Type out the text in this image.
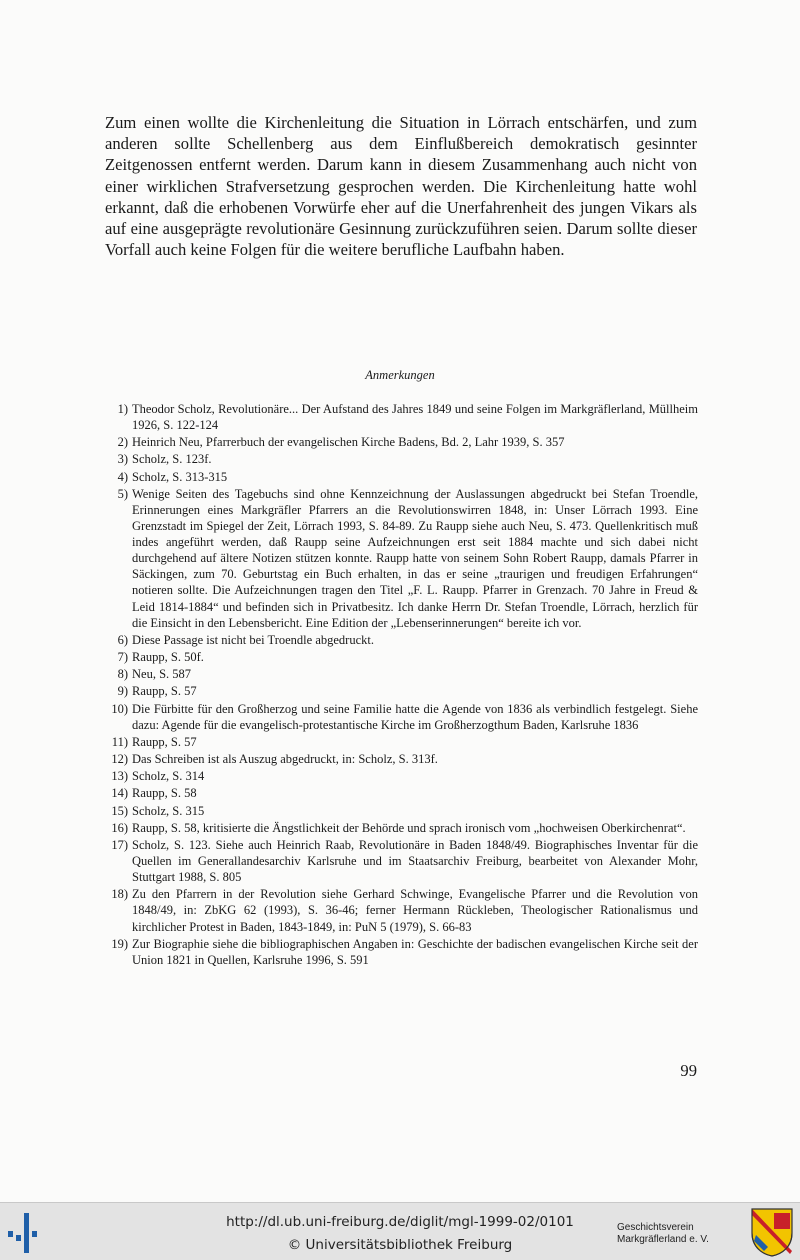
Zum einen wollte die Kirchenleitung die Situation in Lörrach entschärfen, und zum anderen sollte Schellenberg aus dem Einflußbereich demokratisch gesinnter Zeitgenossen entfernt werden. Darum kann in diesem Zusammenhang auch nicht von einer wirklichen Strafversetzung gesprochen werden. Die Kirchenleitung hatte wohl erkannt, daß die erhobenen Vorwürfe eher auf die Unerfahrenheit des jungen Vikars als auf eine ausgeprägte revolutionäre Gesinnung zurückzuführen seien. Darum sollte dieser Vorfall auch keine Folgen für die weitere berufliche Laufbahn haben.

Anmerkungen

1) Theodor Scholz, Revolutionäre... Der Aufstand des Jahres 1849 und seine Folgen im Markgräflerland, Müllheim 1926, S. 122-124
2) Heinrich Neu, Pfarrerbuch der evangelischen Kirche Badens, Bd. 2, Lahr 1939, S. 357
3) Scholz, S. 123f.
4) Scholz, S. 313-315
5) Wenige Seiten des Tagebuchs sind ohne Kennzeichnung der Auslassungen abgedruckt bei Stefan Troendle, Erinnerungen eines Markgräfler Pfarrers an die Revolutionswirren 1848, in: Unser Lörrach 1993. Eine Grenzstadt im Spiegel der Zeit, Lörrach 1993, S. 84-89. Zu Raupp siehe auch Neu, S. 473. Quellenkritisch muß indes angeführt werden, daß Raupp seine Aufzeichnungen erst seit 1884 machte und sich dabei nicht durchgehend auf ältere Notizen stützen konnte. Raupp hatte von seinem Sohn Robert Raupp, damals Pfarrer in Säckingen, zum 70. Geburtstag ein Buch erhalten, in das er seine „traurigen und freudigen Erfahrungen“ notieren sollte. Die Aufzeichnungen tragen den Titel „F. L. Raupp. Pfarrer in Grenzach. 70 Jahre in Freud & Leid 1814-1884“ und befinden sich in Privatbesitz. Ich danke Herrn Dr. Stefan Troendle, Lörrach, herzlich für die Einsicht in den Lebensbericht. Eine Edition der „Lebenserinnerungen“ bereite ich vor.
6) Diese Passage ist nicht bei Troendle abgedruckt.
7) Raupp, S. 50f.
8) Neu, S. 587
9) Raupp, S. 57
10) Die Fürbitte für den Großherzog und seine Familie hatte die Agende von 1836 als verbindlich festgelegt. Siehe dazu: Agende für die evangelisch-protestantische Kirche im Großherzogthum Baden, Karlsruhe 1836
11) Raupp, S. 57
12) Das Schreiben ist als Auszug abgedruckt, in: Scholz, S. 313f.
13) Scholz, S. 314
14) Raupp, S. 58
15) Scholz, S. 315
16) Raupp, S. 58, kritisierte die Ängstlichkeit der Behörde und sprach ironisch vom „hochweisen Oberkirchenrat“.
17) Scholz, S. 123. Siehe auch Heinrich Raab, Revolutionäre in Baden 1848/49. Biographisches Inventar für die Quellen im Generallandesarchiv Karlsruhe und im Staatsarchiv Freiburg, bearbeitet von Alexander Mohr, Stuttgart 1988, S. 805
18) Zu den Pfarrern in der Revolution siehe Gerhard Schwinge, Evangelische Pfarrer und die Revolution von 1848/49, in: ZbKG 62 (1993), S. 36-46; ferner Hermann Rückleben, Theologischer Rationalismus und kirchlicher Protest in Baden, 1843-1849, in: PuN 5 (1979), S. 66-83
19) Zur Biographie siehe die bibliographischen Angaben in: Geschichte der badischen evangelischen Kirche seit der Union 1821 in Quellen, Karlsruhe 1996, S. 591
99
http://dl.ub.uni-freiburg.de/diglit/mgl-1999-02/0101
© Universitätsbibliothek Freiburg
Geschichtsverein
Markgräflerland e. V.
